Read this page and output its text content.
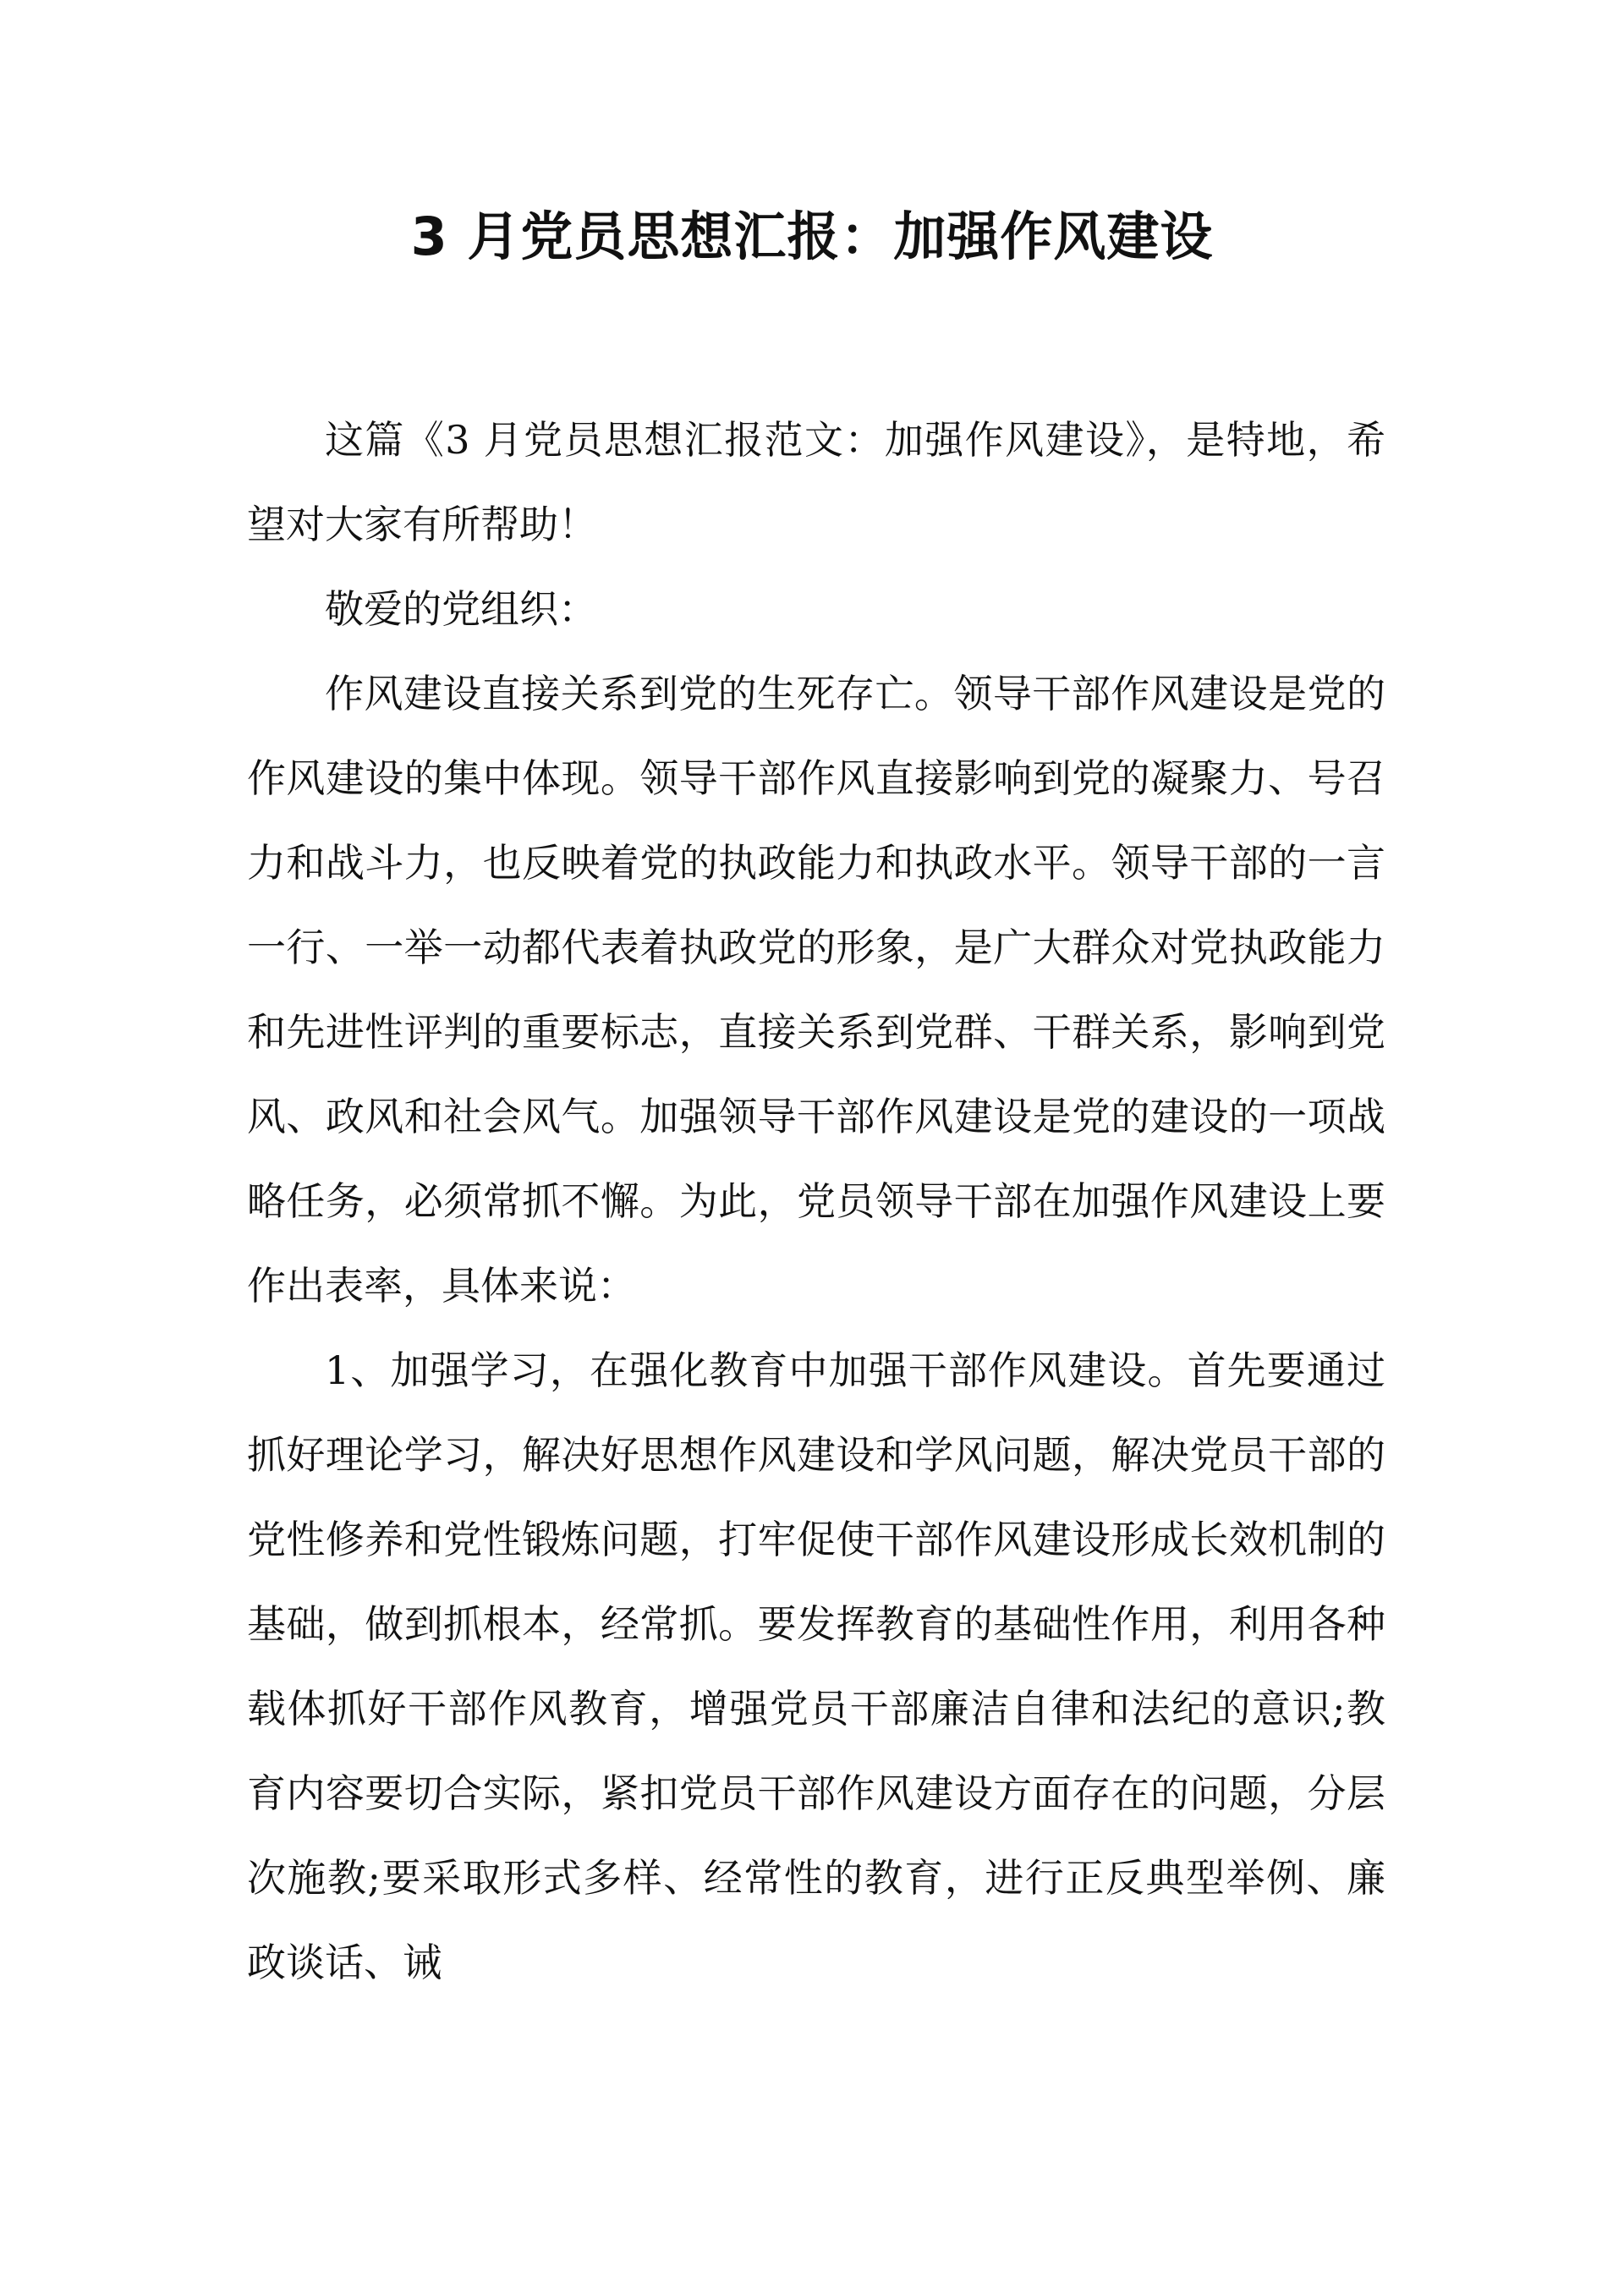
3 月党员思想汇报：加强作风建设

这篇《3 月党员思想汇报范文：加强作风建设》，是特地，希望对大家有所帮助！

敬爱的党组织：

作风建设直接关系到党的生死存亡。领导干部作风建设是党的作风建设的集中体现。领导干部作风直接影响到党的凝聚力、号召力和战斗力，也反映着党的执政能力和执政水平。领导干部的一言一行、一举一动都代表着执政党的形象，是广大群众对党执政能力和先进性评判的重要标志，直接关系到党群、干群关系，影响到党风、政风和社会风气。加强领导干部作风建设是党的建设的一项战略任务，必须常抓不懈。为此，党员领导干部在加强作风建设上要作出表率，具体来说：

1、加强学习，在强化教育中加强干部作风建设。首先要通过抓好理论学习，解决好思想作风建设和学风问题，解决党员干部的党性修养和党性锻炼问题，打牢促使干部作风建设形成长效机制的基础，做到抓根本，经常抓。要发挥教育的基础性作用，利用各种载体抓好干部作风教育，增强党员干部廉洁自律和法纪的意识;教育内容要切合实际，紧扣党员干部作风建设方面存在的问题，分层次施教;要采取形式多样、经常性的教育，进行正反典型举例、廉政谈话、诫
